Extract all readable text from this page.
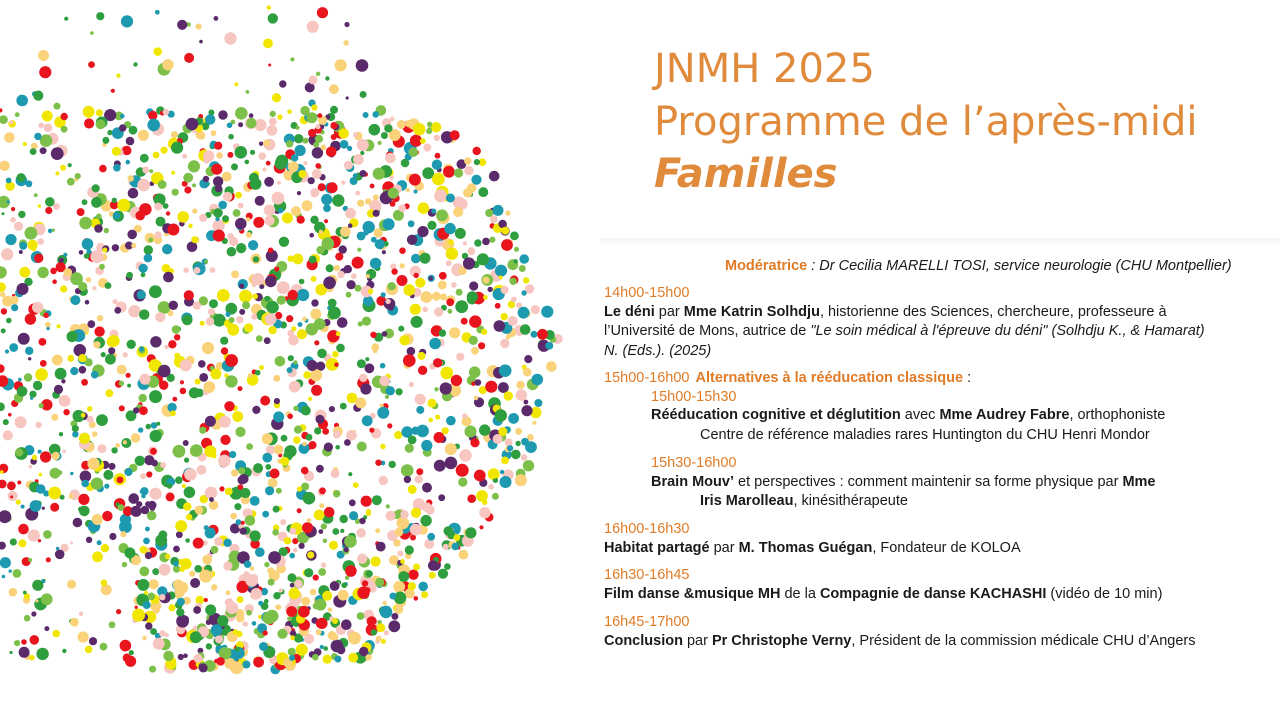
JNMH 2025
Programme de l’après-midi
Familles
Modératrice : Dr Cecilia MARELLI TOSI, service neurologie (CHU Montpellier)
14h00-15h00
Le déni par Mme Katrin Solhdju, historienne des Sciences, chercheure, professeure à
l’Université de Mons, autrice de "Le soin médical à l'épreuve du déni" (Solhdju K., & Hamarat)
N. (Eds.). (2025)
15h00-16h00 Alternatives à la rééducation classique :
15h00-15h30
Rééducation cognitive et déglutition avec Mme Audrey Fabre, orthophoniste
Centre de référence maladies rares Huntington du CHU Henri Mondor
15h30-16h00
Brain Mouv’ et perspectives : comment maintenir sa forme physique par Mme
Iris Marolleau, kinésithérapeute
16h00-16h30
Habitat partagé par M. Thomas Guégan, Fondateur de KOLOA
16h30-16h45
Film danse &musique MH de la Compagnie de danse KACHASHI (vidéo de 10 min)
16h45-17h00
Conclusion par Pr Christophe Verny, Président de la commission médicale CHU d’Angers
